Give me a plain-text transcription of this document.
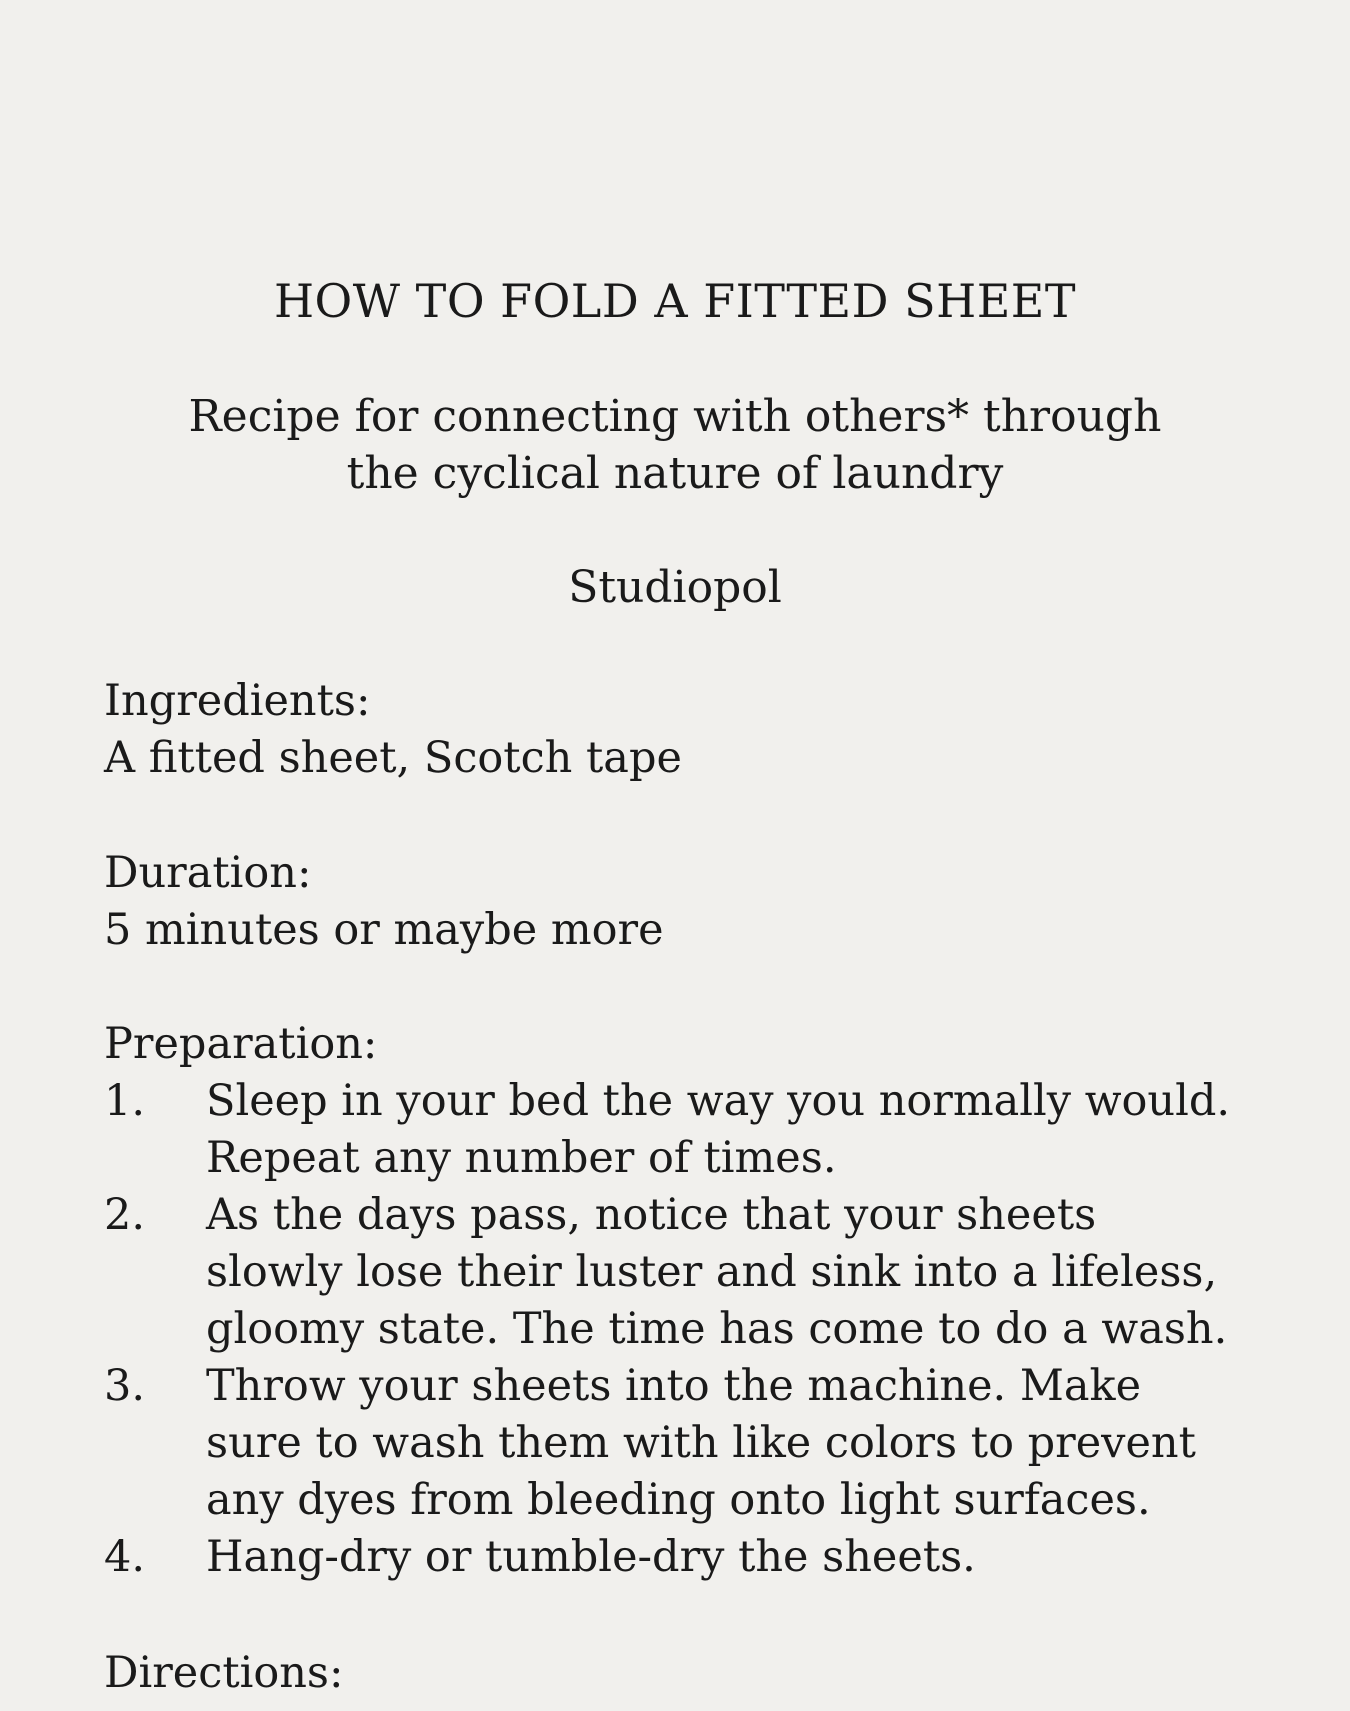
HOW TO FOLD A FITTED SHEET
Recipe for connecting with others* through
the cyclical nature of laundry
Studiopol

Ingredients:

A fitted sheet, Scotch tape

Duration:

5 minutes or maybe more

Preparation:

1.	Sleep in your bed the way you normally would.
Repeat any number of times.
2.	As the days pass, notice that your sheets
slowly lose their luster and sink into a lifeless,
gloomy state. The time has come to do a wash.
3.	Throw your sheets into the machine. Make
sure to wash them with like colors to prevent
any dyes from bleeding onto light surfaces.
4.	Hang-dry or tumble-dry the sheets.

Directions:
